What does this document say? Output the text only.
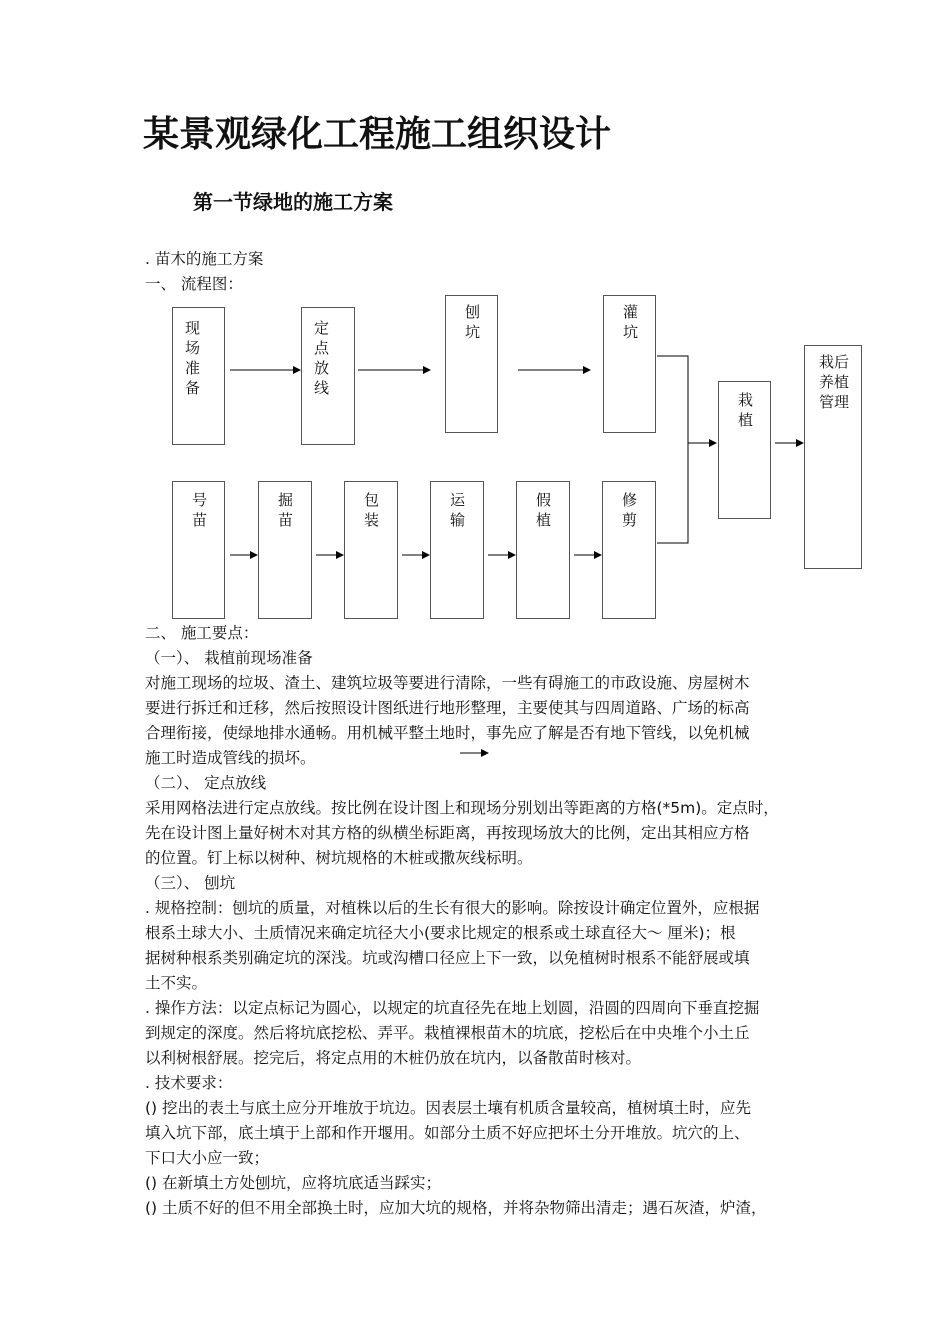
某景观绿化工程施工组织设计
第一节绿地的施工方案
. 苗木的施工方案
一、 流程图：
现场准备
定点放线
刨坑
灌坑
栽植
栽后养植管理
号苗
掘苗
包装
运输
假植
修剪
二、 施工要点：
（一）、 栽植前现场准备
对施工现场的垃圾、渣土、建筑垃圾等要进行清除，一些有碍施工的市政设施、房屋树木
要进行拆迁和迁移，然后按照设计图纸进行地形整理，主要使其与四周道路、广场的标高
合理衔接，使绿地排水通畅。用机械平整土地时，事先应了解是否有地下管线，以免机械
施工时造成管线的损坏。
（二）、 定点放线
采用网格法进行定点放线。按比例在设计图上和现场分别划出等距离的方格(*5m)。定点时，
先在设计图上量好树木对其方格的纵横坐标距离，再按现场放大的比例，定出其相应方格
的位置。钉上标以树种、树坑规格的木桩或撒灰线标明。
（三）、 刨坑
. 规格控制：刨坑的质量，对植株以后的生长有很大的影响。除按设计确定位置外，应根据
根系土球大小、土质情况来确定坑径大小(要求比规定的根系或土球直径大～ 厘米)；根
据树种根系类别确定坑的深浅。坑或沟槽口径应上下一致，以免植树时根系不能舒展或填
土不实。
. 操作方法：以定点标记为圆心，以规定的坑直径先在地上划圆，沿圆的四周向下垂直挖掘
到规定的深度。然后将坑底挖松、弄平。栽植裸根苗木的坑底，挖松后在中央堆个小土丘
以利树根舒展。挖完后，将定点用的木桩仍放在坑内，以备散苗时核对。
. 技术要求：
() 挖出的表土与底土应分开堆放于坑边。因表层土壤有机质含量较高，植树填土时，应先
填入坑下部，底土填于上部和作开堰用。如部分土质不好应把坏土分开堆放。坑穴的上、
下口大小应一致；
() 在新填土方处刨坑，应将坑底适当踩实；
() 土质不好的但不用全部换土时，应加大坑的规格，并将杂物筛出清走；遇石灰渣，炉渣，
